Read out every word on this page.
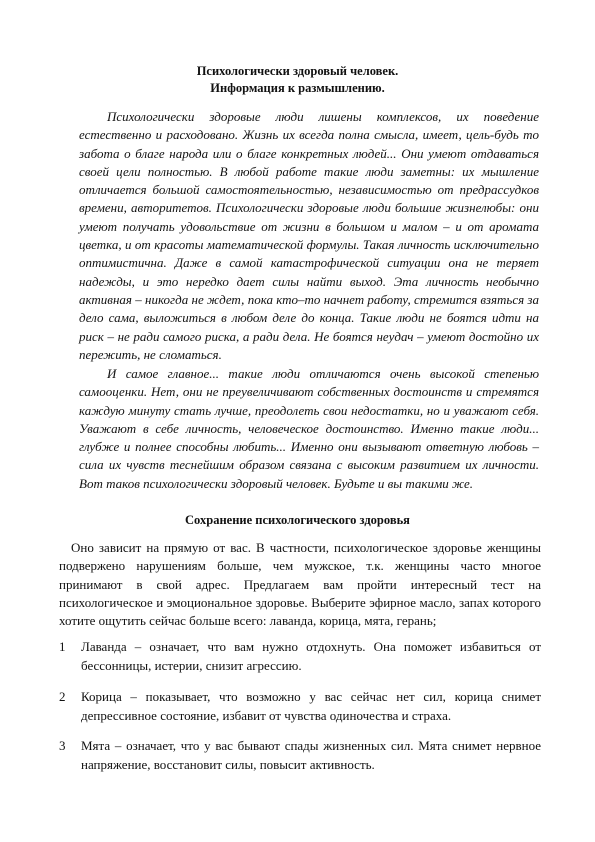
Психологически здоровый человек.
Информация к размышлению.

Психологически здоровые люди лишены комплексов, их поведение естественно и расходовано. Жизнь их всегда полна смысла, имеет, цель-будь то забота о благе народа или о благе конкретных людей... Они умеют отдаваться своей цели полностью. В любой работе такие люди заметны: их мышление отличается большой самостоятельностью, независимостью от предрассудков времени, авторитетов. Психологически здоровые люди большие жизнелюбы: они умеют получать удовольствие от жизни в большом и малом – и от аромата цветка, и от красоты математической формулы. Такая личность исключительно оптимистична. Даже в самой катастрофической ситуации она не теряет надежды, и это нередко дает силы найти выход. Эта личность необычно активная – никогда не ждет, пока кто–то начнет работу, стремится взяться за дело сама, выложиться в любом деле до конца. Такие люди не боятся идти на риск – не ради самого риска, а ради дела. Не боятся неудач – умеют достойно их пережить, не сломаться.

И самое главное... такие люди отличаются очень высокой степенью самооценки. Нет, они не преувеличивают собственных достоинств и стремятся каждую минуту стать лучше, преодолеть свои недостатки, но и уважают себя. Уважают в себе личность, человеческое достоинство. Именно такие люди... глубже и полнее способны любить... Именно они вызывают ответную любовь – сила их чувств теснейшим образом связана с высоким развитием их личности. Вот таков психологически здоровый человек. Будьте и вы такими же.

Сохранение психологического здоровья

Оно зависит на прямую от вас. В частности, психологическое здоровье женщины подвержено нарушениям больше, чем мужское, т.к. женщины часто многое принимают в свой адрес. Предлагаем вам пройти интересный тест на психологическое и эмоциональное здоровье. Выберите эфирное масло, запах которого хотите ощутить сейчас больше всего: лаванда, корица, мята, герань;

1	Лаванда – означает, что вам нужно отдохнуть. Она поможет избавиться от бессонницы, истерии, снизит агрессию.
2	Корица – показывает, что возможно у вас сейчас нет сил, корица снимет депрессивное состояние, избавит от чувства одиночества и страха.
3	Мята – означает, что у вас бывают спады жизненных сил. Мята снимет нервное напряжение, восстановит силы, повысит активность.
